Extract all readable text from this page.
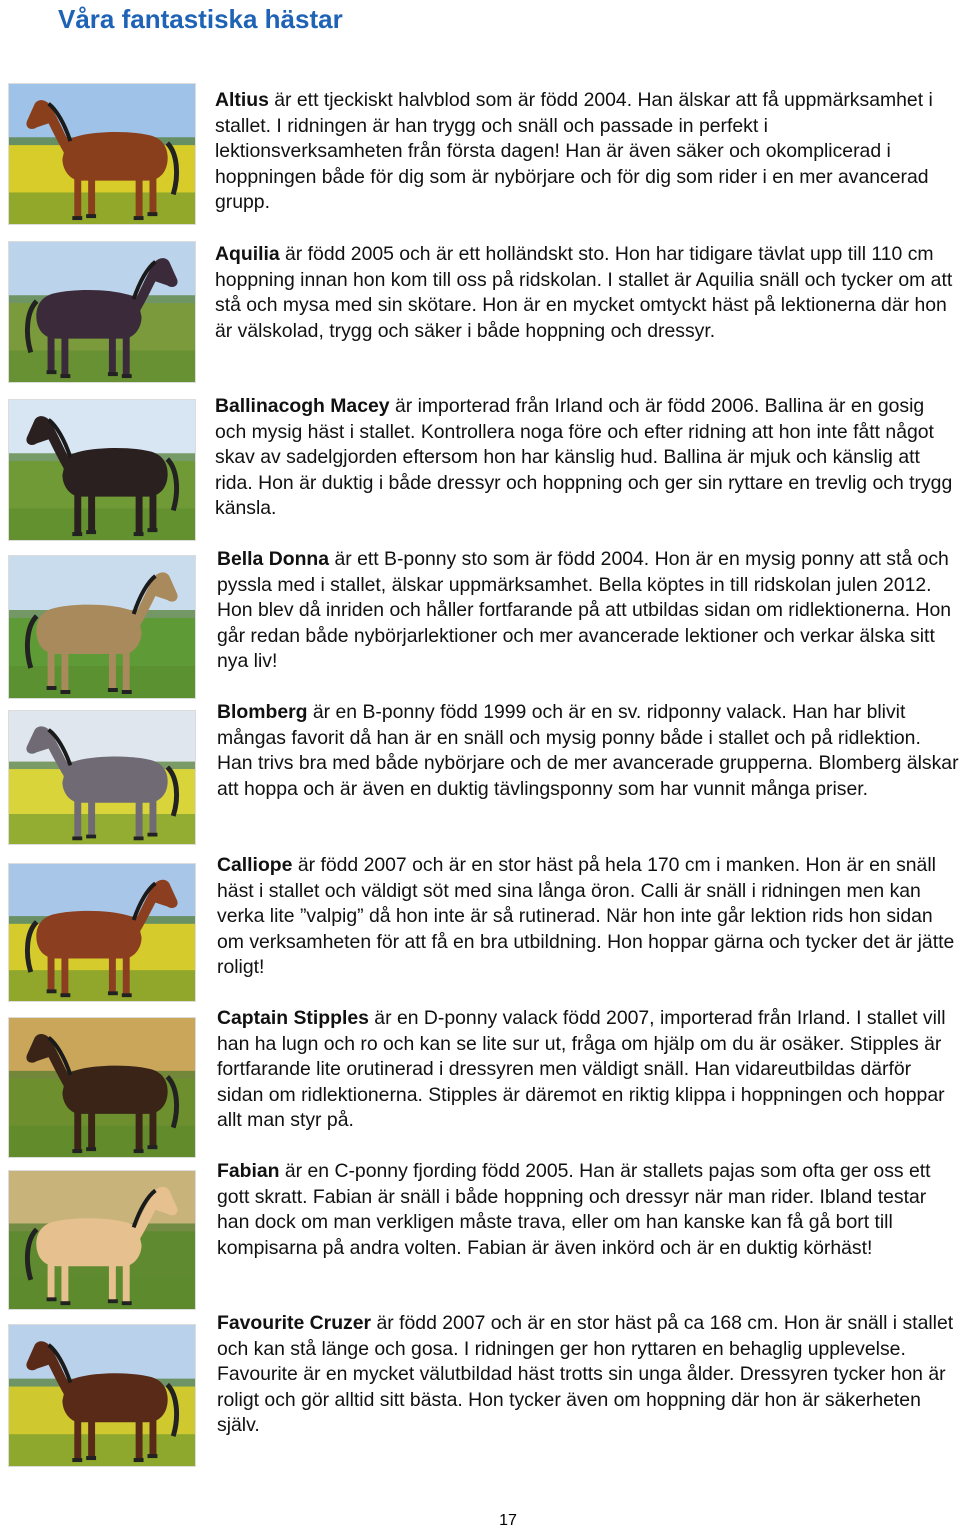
Våra fantastiska hästar

Altius är ett tjeckiskt halvblod som är född 2004. Han älskar att få uppmärksamhet i stallet. I ridningen är han trygg och snäll och passade in perfekt i lektionsverksamheten från första dagen! Han är även säker och okomplicerad i hoppningen både för dig som är nybörjare och för dig som rider i en mer avancerad grupp.

Aquilia är född 2005 och är ett holländskt sto. Hon har tidigare tävlat upp till 110 cm hoppning innan hon kom till oss på ridskolan. I stallet är Aquilia snäll och tycker om att stå och mysa med sin skötare. Hon är en mycket omtyckt häst på lektionerna där hon är välskolad, trygg och säker i både hoppning och dressyr.

Ballinacogh Macey är importerad från Irland och är född 2006. Ballina är en gosig och mysig häst i stallet. Kontrollera noga före och efter ridning att hon inte fått något skav av sadelgjorden eftersom hon har känslig hud. Ballina är mjuk och känslig att rida. Hon är duktig i både dressyr och hoppning och ger sin ryttare en trevlig och trygg känsla.

Bella Donna är ett B-ponny sto som är född 2004. Hon är en mysig ponny att stå och pyssla med i stallet, älskar uppmärksamhet. Bella köptes in till ridskolan julen 2012. Hon blev då inriden och håller fortfarande på att utbildas sidan om ridlektionerna. Hon går redan både nybörjarlektioner och mer avancerade lektioner och verkar älska sitt nya liv!

Blomberg är en B-ponny född 1999 och är en sv. ridponny valack. Han har blivit mångas favorit då han är en snäll och mysig ponny både i stallet och på ridlektion. Han trivs bra med både nybörjare och de mer avancerade grupperna. Blomberg älskar att hoppa och är även en duktig tävlingsponny som har vunnit många priser.

Calliope är född 2007 och är en stor häst på hela 170 cm i manken. Hon är en snäll häst i stallet och väldigt söt med sina långa öron. Calli är snäll i ridningen men kan verka lite ”valpig” då hon inte är så rutinerad. När hon inte går lektion rids hon sidan om verksamheten för att få en bra utbildning. Hon hoppar gärna och tycker det är jätte roligt!

Captain Stipples är en D-ponny valack född 2007, importerad från Irland. I stallet vill han ha lugn och ro och kan se lite sur ut, fråga om hjälp om du är osäker. Stipples är fortfarande lite orutinerad i dressyren men väldigt snäll. Han vidareutbildas därför sidan om ridlektionerna. Stipples är däremot en riktig klippa i hoppningen och hoppar allt man styr på.

Fabian är en C-ponny fjording född 2005. Han är stallets pajas som ofta ger oss ett gott skratt. Fabian är snäll i både hoppning och dressyr när man rider. Ibland testar han dock om man verkligen måste trava, eller om han kanske kan få gå bort till kompisarna på andra volten. Fabian är även inkörd och är en duktig körhäst!

Favourite Cruzer är född 2007 och är en stor häst på ca 168 cm. Hon är snäll i stallet och kan stå länge och gosa. I ridningen ger hon ryttaren en behaglig upplevelse. Favourite är en mycket välutbildad häst trotts sin unga ålder. Dressyren tycker hon är roligt och gör alltid sitt bästa. Hon tycker även om hoppning där hon är säkerheten själv.

17
